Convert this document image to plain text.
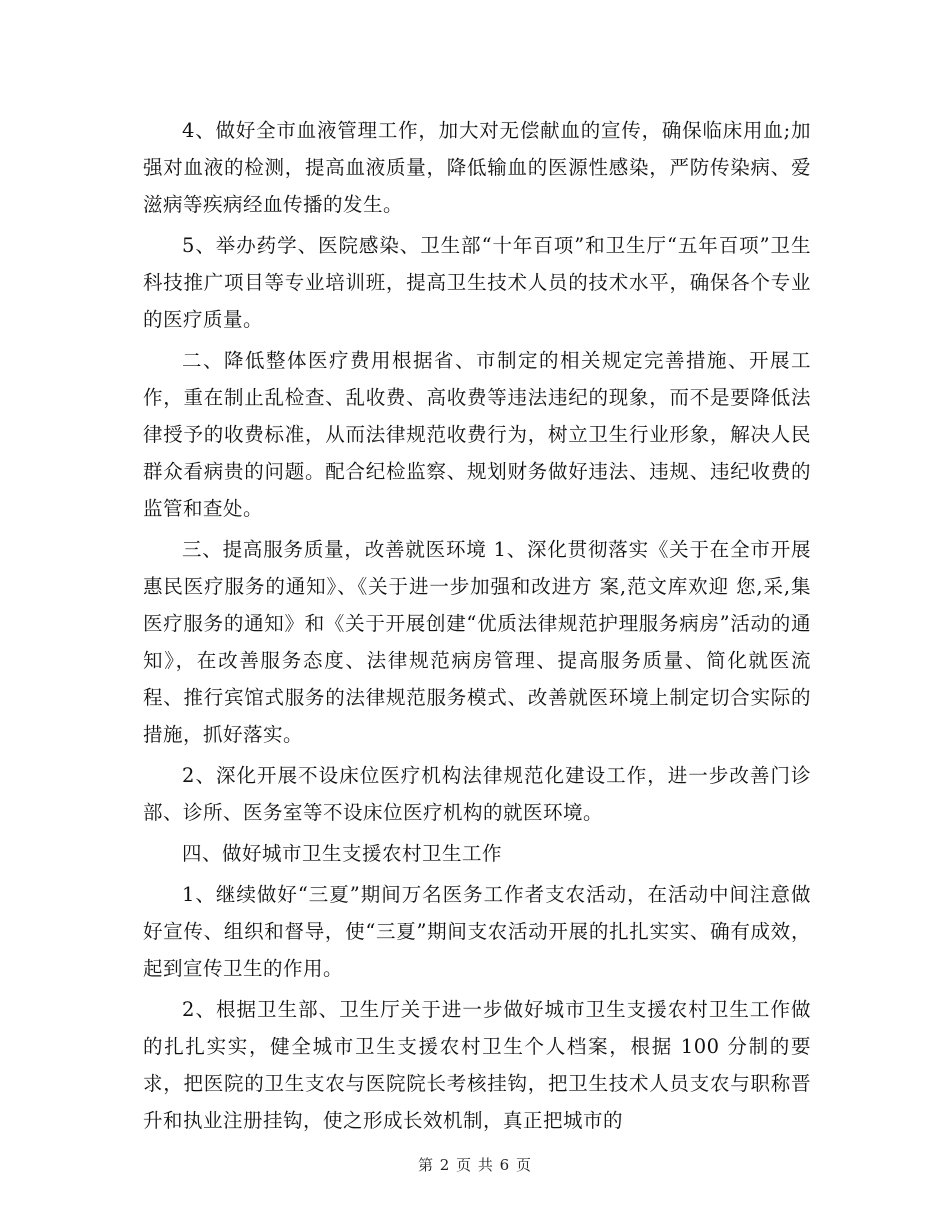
4、做好全市血液管理工作，加大对无偿献血的宣传，确保临床用血;加强对血液的检测，提高血液质量，降低输血的医源性感染，严防传染病、爱滋病等疾病经血传播的发生。

5、举办药学、医院感染、卫生部“十年百项”和卫生厅“五年百项”卫生科技推广项目等专业培训班，提高卫生技术人员的技术水平，确保各个专业的医疗质量。

二、降低整体医疗费用根据省、市制定的相关规定完善措施、开展工作，重在制止乱检查、乱收费、高收费等违法违纪的现象，而不是要降低法律授予的收费标准，从而法律规范收费行为，树立卫生行业形象，解决人民群众看病贵的问题。配合纪检监察、规划财务做好违法、违规、违纪收费的监管和查处。

三、提高服务质量，改善就医环境 1、深化贯彻落实《关于在全市开展惠民医疗服务的通知》、《关于进一步加强和改进方 案,范文库欢迎 您,采,集医疗服务的通知》和《关于开展创建“优质法律规范护理服务病房”活动的通知》，在改善服务态度、法律规范病房管理、提高服务质量、简化就医流程、推行宾馆式服务的法律规范服务模式、改善就医环境上制定切合实际的措施，抓好落实。

2、深化开展不设床位医疗机构法律规范化建设工作，进一步改善门诊部、诊所、医务室等不设床位医疗机构的就医环境。

四、做好城市卫生支援农村卫生工作

1、继续做好“三夏”期间万名医务工作者支农活动，在活动中间注意做好宣传、组织和督导，使“三夏”期间支农活动开展的扎扎实实、确有成效，起到宣传卫生的作用。

2、根据卫生部、卫生厅关于进一步做好城市卫生支援农村卫生工作做的扎扎实实，健全城市卫生支援农村卫生个人档案，根据 100 分制的要求，把医院的卫生支农与医院院长考核挂钩，把卫生技术人员支农与职称晋升和执业注册挂钩，使之形成长效机制，真正把城市的

第 2 页 共 6 页
